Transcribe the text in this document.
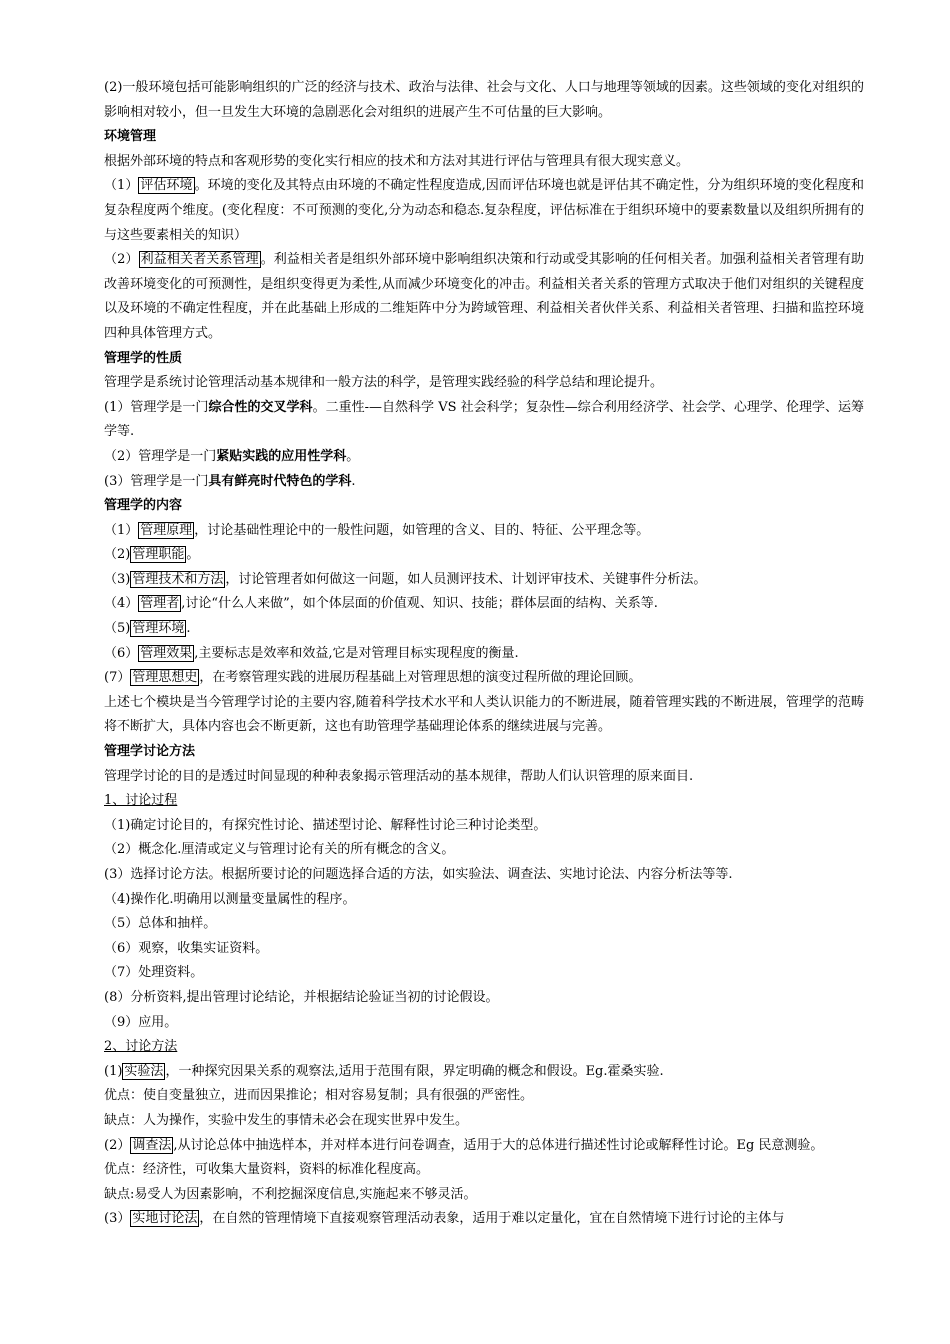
(2)一般环境包括可能影响组织的广泛的经济与技术、政治与法律、社会与文化、人口与地理等领域的因素。这些领域的变化对组织的影响相对较小，但一旦发生大环境的急剧恶化会对组织的进展产生不可估量的巨大影响。

环境管理

根据外部环境的特点和客观形势的变化实行相应的技术和方法对其进行评估与管理具有很大现实意义。

（1） 评估环境 。环境的变化及其特点由环境的不确定性程度造成,因而评估环境也就是评估其不确定性，分为组织环境的变化程度和复杂程度两个维度。(变化程度：不可预测的变化,分为动态和稳态.复杂程度，评估标准在于组织环境中的要素数量以及组织所拥有的与这些要素相关的知识）

（2） 利益相关者关系管理 。利益相关者是组织外部环境中影响组织决策和行动或受其影响的任何相关者。加强利益相关者管理有助改善环境变化的可预测性，是组织变得更为柔性,从而减少环境变化的冲击。利益相关者关系的管理方式取决于他们对组织的关键程度以及环境的不确定性程度，并在此基础上形成的二维矩阵中分为跨域管理、利益相关者伙伴关系、利益相关者管理、扫描和监控环境四种具体管理方式。

管理学的性质

管理学是系统讨论管理活动基本规律和一般方法的科学，是管理实践经验的科学总结和理论提升。

(1）管理学是一门综合性的交叉学科。二重性-—自然科学 VS 社会科学；复杂性—综合利用经济学、社会学、心理学、伦理学、运筹学等.

（2）管理学是一门紧贴实践的应用性学科。

(3）管理学是一门具有鲜亮时代特色的学科.

管理学的内容

（1） 管理原理 ，讨论基础性理论中的一般性问题，如管理的含义、目的、特征、公平理念等。

（2) 管理职能 。

（3) 管理技术和方法 ，讨论管理者如何做这一问题，如人员测评技术、计划评审技术、关键事件分析法。

（4） 管理者 ,讨论“什么人来做”，如个体层面的价值观、知识、技能；群体层面的结构、关系等.

（5) 管理环境 .

（6） 管理效果 ,主要标志是效率和效益,它是对管理目标实现程度的衡量.

(7） 管理思想史 ，在考察管理实践的进展历程基础上对管理思想的演变过程所做的理论回顾。

上述七个模块是当今管理学讨论的主要内容,随着科学技术水平和人类认识能力的不断进展，随着管理实践的不断进展，管理学的范畴将不断扩大，具体内容也会不断更新，这也有助管理学基础理论体系的继续进展与完善。

管理学讨论方法

管理学讨论的目的是透过时间显现的种种表象揭示管理活动的基本规律，帮助人们认识管理的原来面目.

1、讨论过程

（1)确定讨论目的，有探究性讨论、描述型讨论、解释性讨论三种讨论类型。

（2）概念化.厘清或定义与管理讨论有关的所有概念的含义。

(3）选择讨论方法。根据所要讨论的问题选择合适的方法，如实验法、调查法、实地讨论法、内容分析法等等.

（4)操作化.明确用以测量变量属性的程序。

（5）总体和抽样。

（6）观察，收集实证资料。

（7）处理资料。

(8）分析资料,提出管理讨论结论，并根据结论验证当初的讨论假设。

（9）应用。

2、讨论方法

(1) 实验法 ，一种探究因果关系的观察法,适用于范围有限，界定明确的概念和假设。Eg.霍桑实验.

优点：使自变量独立，进而因果推论；相对容易复制；具有很强的严密性。

缺点：人为操作，实验中发生的事情未必会在现实世界中发生。

(2） 调查法 ,从讨论总体中抽选样本，并对样本进行问卷调查，适用于大的总体进行描述性讨论或解释性讨论。Eg 民意测验。

优点：经济性，可收集大量资料，资料的标准化程度高。

缺点:易受人为因素影响，不利挖掘深度信息,实施起来不够灵活。

(3） 实地讨论法 ，在自然的管理情境下直接观察管理活动表象，适用于难以定量化，宜在自然情境下进行讨论的主体与
